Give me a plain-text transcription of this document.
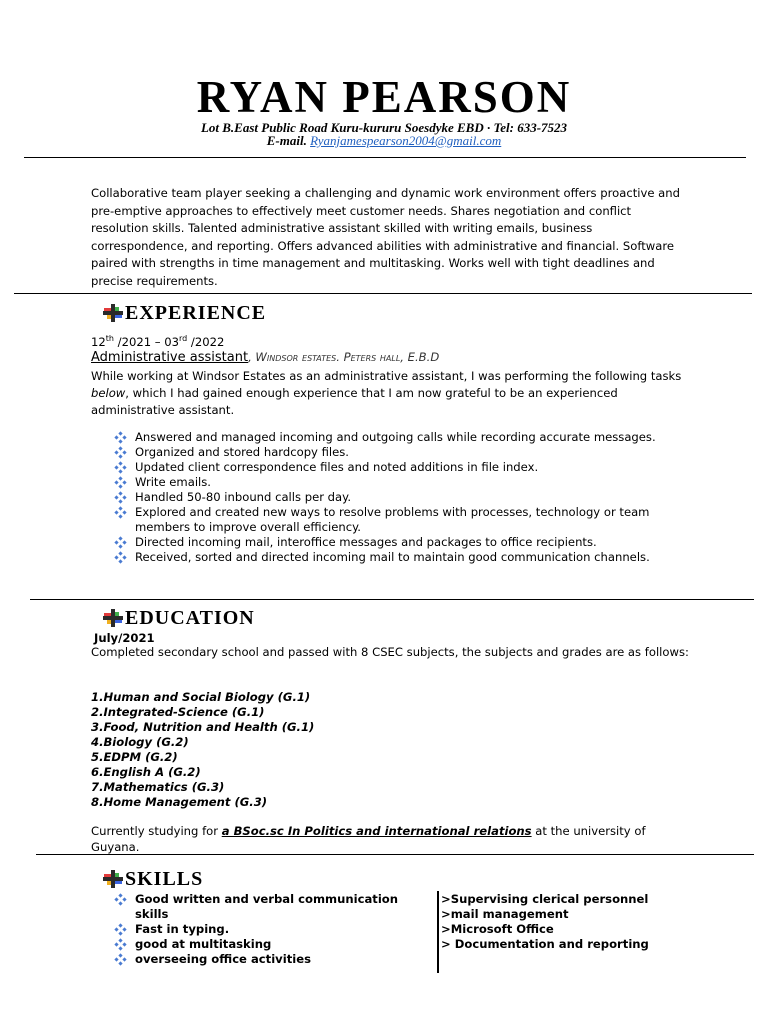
RYAN PEARSON
Lot B.East Public Road Kuru-kururu Soesdyke EBD · Tel: 633-7523
E-mail. Ryanjamespearson2004@gmail.com
Collaborative team player seeking a challenging and dynamic work environment offers proactive and pre-emptive approaches to effectively meet customer needs. Shares negotiation and conflict resolution skills. Talented administrative assistant skilled with writing emails, business correspondence, and reporting. Offers advanced abilities with administrative and financial. Software paired with strengths in time management and multitasking. Works well with tight deadlines and precise requirements.
EXPERIENCE
12th /2021 – 03rd /2022
Administrative assistant, Windsor estates. Peters hall, E.B.D
While working at Windsor Estates as an administrative assistant, I was performing the following tasks below, which I had gained enough experience that I am now grateful to be an experienced administrative assistant.
Answered and managed incoming and outgoing calls while recording accurate messages.
Organized and stored hardcopy files.
Updated client correspondence files and noted additions in file index.
Write emails.
Handled 50-80 inbound calls per day.
Explored and created new ways to resolve problems with processes, technology or team members to improve overall efficiency.
Directed incoming mail, interoffice messages and packages to office recipients.
Received, sorted and directed incoming mail to maintain good communication channels.
EDUCATION
July/2021
Completed secondary school and passed with 8 CSEC subjects, the subjects and grades are as follows:
1.Human and Social Biology (G.1)
2.Integrated-Science (G.1)
3.Food, Nutrition and Health (G.1)
4.Biology (G.2)
5.EDPM (G.2)
6.English A (G.2)
7.Mathematics (G.3)
8.Home Management (G.3)
Currently studying for a BSoc.sc In Politics and international relations at the university of Guyana.
SKILLS
Good written and verbal communication skills
Fast in typing.
good at multitasking
overseeing office activities
>Supervising clerical personnel
>mail management
>Microsoft Office
> Documentation and reporting
